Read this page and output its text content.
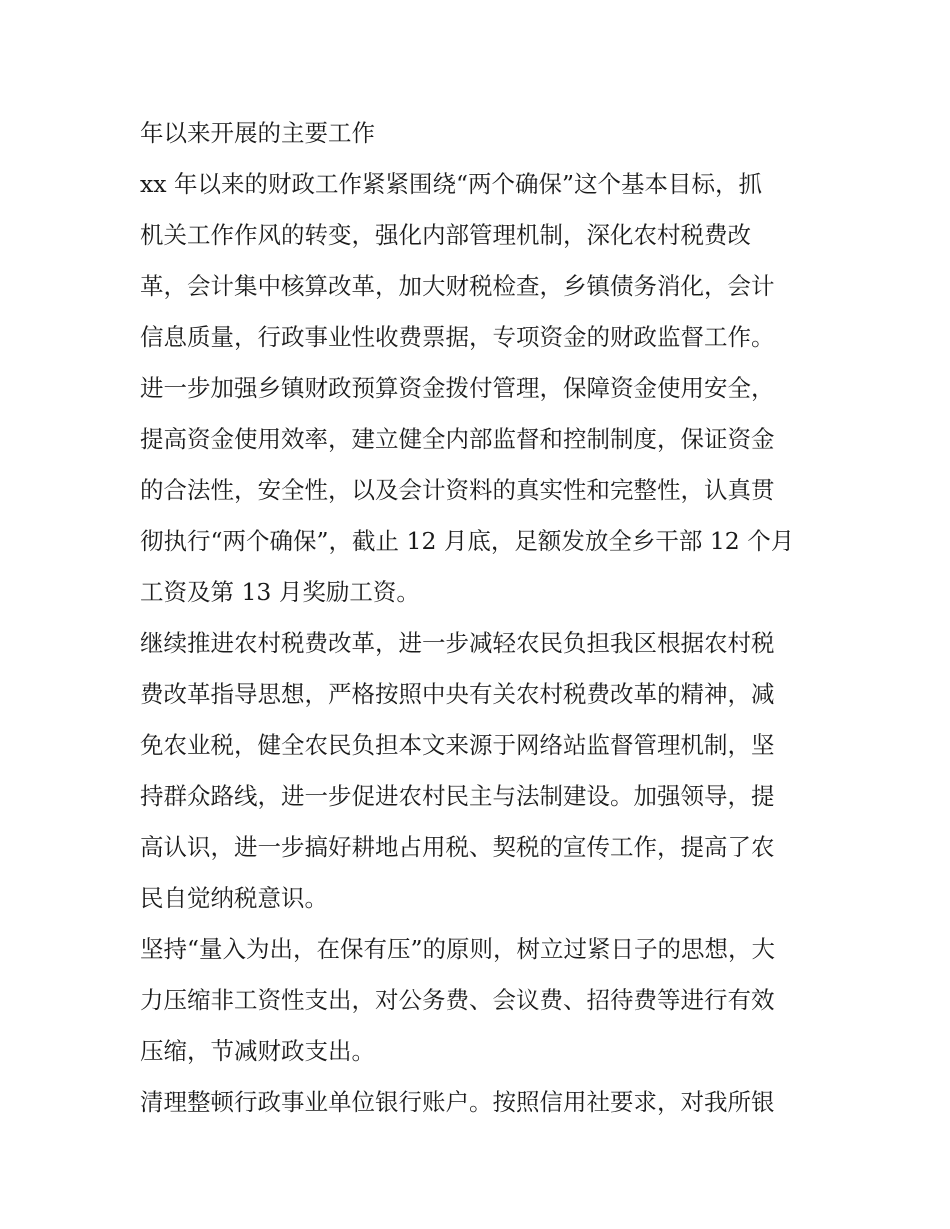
年以来开展的主要工作
xx 年以来的财政工作紧紧围绕“两个确保”这个基本目标，抓
机关工作作风的转变，强化内部管理机制，深化农村税费改
革，会计集中核算改革，加大财税检查，乡镇债务消化，会计
信息质量，行政事业性收费票据，专项资金的财政监督工作。
进一步加强乡镇财政预算资金拨付管理，保障资金使用安全，
提高资金使用效率，建立健全内部监督和控制制度，保证资金
的合法性，安全性，以及会计资料的真实性和完整性，认真贯
彻执行“两个确保”，截止 12 月底，足额发放全乡干部 12 个月
工资及第 13 月奖励工资。
继续推进农村税费改革，进一步减轻农民负担我区根据农村税
费改革指导思想，严格按照中央有关农村税费改革的精神，减
免农业税，健全农民负担本文来源于网络站监督管理机制，坚
持群众路线，进一步促进农村民主与法制建设。加强领导，提
高认识，进一步搞好耕地占用税、契税的宣传工作，提高了农
民自觉纳税意识。
坚持“量入为出，在保有压”的原则，树立过紧日子的思想，大
力压缩非工资性支出，对公务费、会议费、招待费等进行有效
压缩，节减财政支出。
清理整顿行政事业单位银行账户。按照信用社要求，对我所银
